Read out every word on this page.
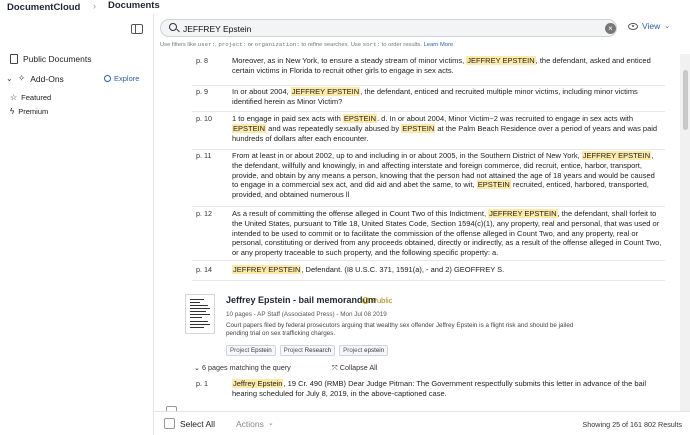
DocumentCloud › Documents
Public Documents
⌄ ✧ Add-Ons	Explore
☆ Featured
ϟ Premium
JEFFREY Epstein
×	View ⌄
Use filters like user:, project: or organization: to refine searches. Use sort: to order results. Learn More
p. 8	Moreover, as in New York, to ensure a steady stream of minor victims, JEFFREY EPSTEIN, the defendant, asked and enticed certain victims in Florida to recruit other girls to engage in sex acts.
p. 9	In or about 2004, JEFFREY EPSTEIN, the defendant, enticed and recruited multiple minor victims, including minor victims identified herein as Minor Victim?
p. 10	1 to engage in paid sex acts with EPSTEIN. d. In or about 2004, Minor Victim~2 was recruited to engage in sex acts with EPSTEIN and was repeatedly sexually abused by EPSTEIN at the Palm Beach Residence over a period of years and was paid hundreds of dollars after each encounter.
p. 11	From at least in or about 2002, up to and including in or about 2005, in the Southern District of New York, JEFFREY EPSTEIN, the defendant, willfully and knowingly, in and affecting interstate and foreign commerce, did recruit, entice, harbor, transport, provide, and obtain by any means a person, knowing that the person had not attained the age of 18 years and would be caused to engage in a commercial sex act, and did aid and abet the same, to wit, EPSTEIN recruited, enticed, harbored, transported, provided, and obtained numerous ll
p. 12	As a result of committing the offense alleged in Count Two of this Indictment, JEFFREY EPSTEIN, the defendant, shall forfeit to the United States, pursuant to Title 18, United States Code, Section 1594(c)(1), any property, real and personal, that was used or intended to be used to commit or to facilitate the commission of the offense alleged in Count Two, and any property, real or personal, constituting or derived from any proceeds obtained, directly or indirectly, as a result of the offense alleged in Count Two, or any property traceable to such property, and the following specific property: a.
p. 14	JEFFREY EPSTEIN, Defendant. (I8 U.S.C. 371, 1591(a), - and 2) GEOFFREY S.
Jeffrey Epstein - bail memorandum
Public
10 pages - AP Staff (Associated Press) - Mon Jul 08 2019
Court papers filed by federal prosecutors arguing that wealthy sex offender Jeffrey Epstein is a flight risk and should be jailed pending trial on sex trafficking charges.
Project Epstein	Project Research	Project epstein
⌄ 6 pages matching the query	⤧ Collapse All
p. 1	Jeffrey Epstein, 19 Cr. 490 (RMB) Dear Judge Pitman: The Government respectfully submits this letter in advance of the bail hearing scheduled for July 8, 2019, in the above-captioned case.
Select All Actions ⌄	Showing 25 of 161 802 Results
